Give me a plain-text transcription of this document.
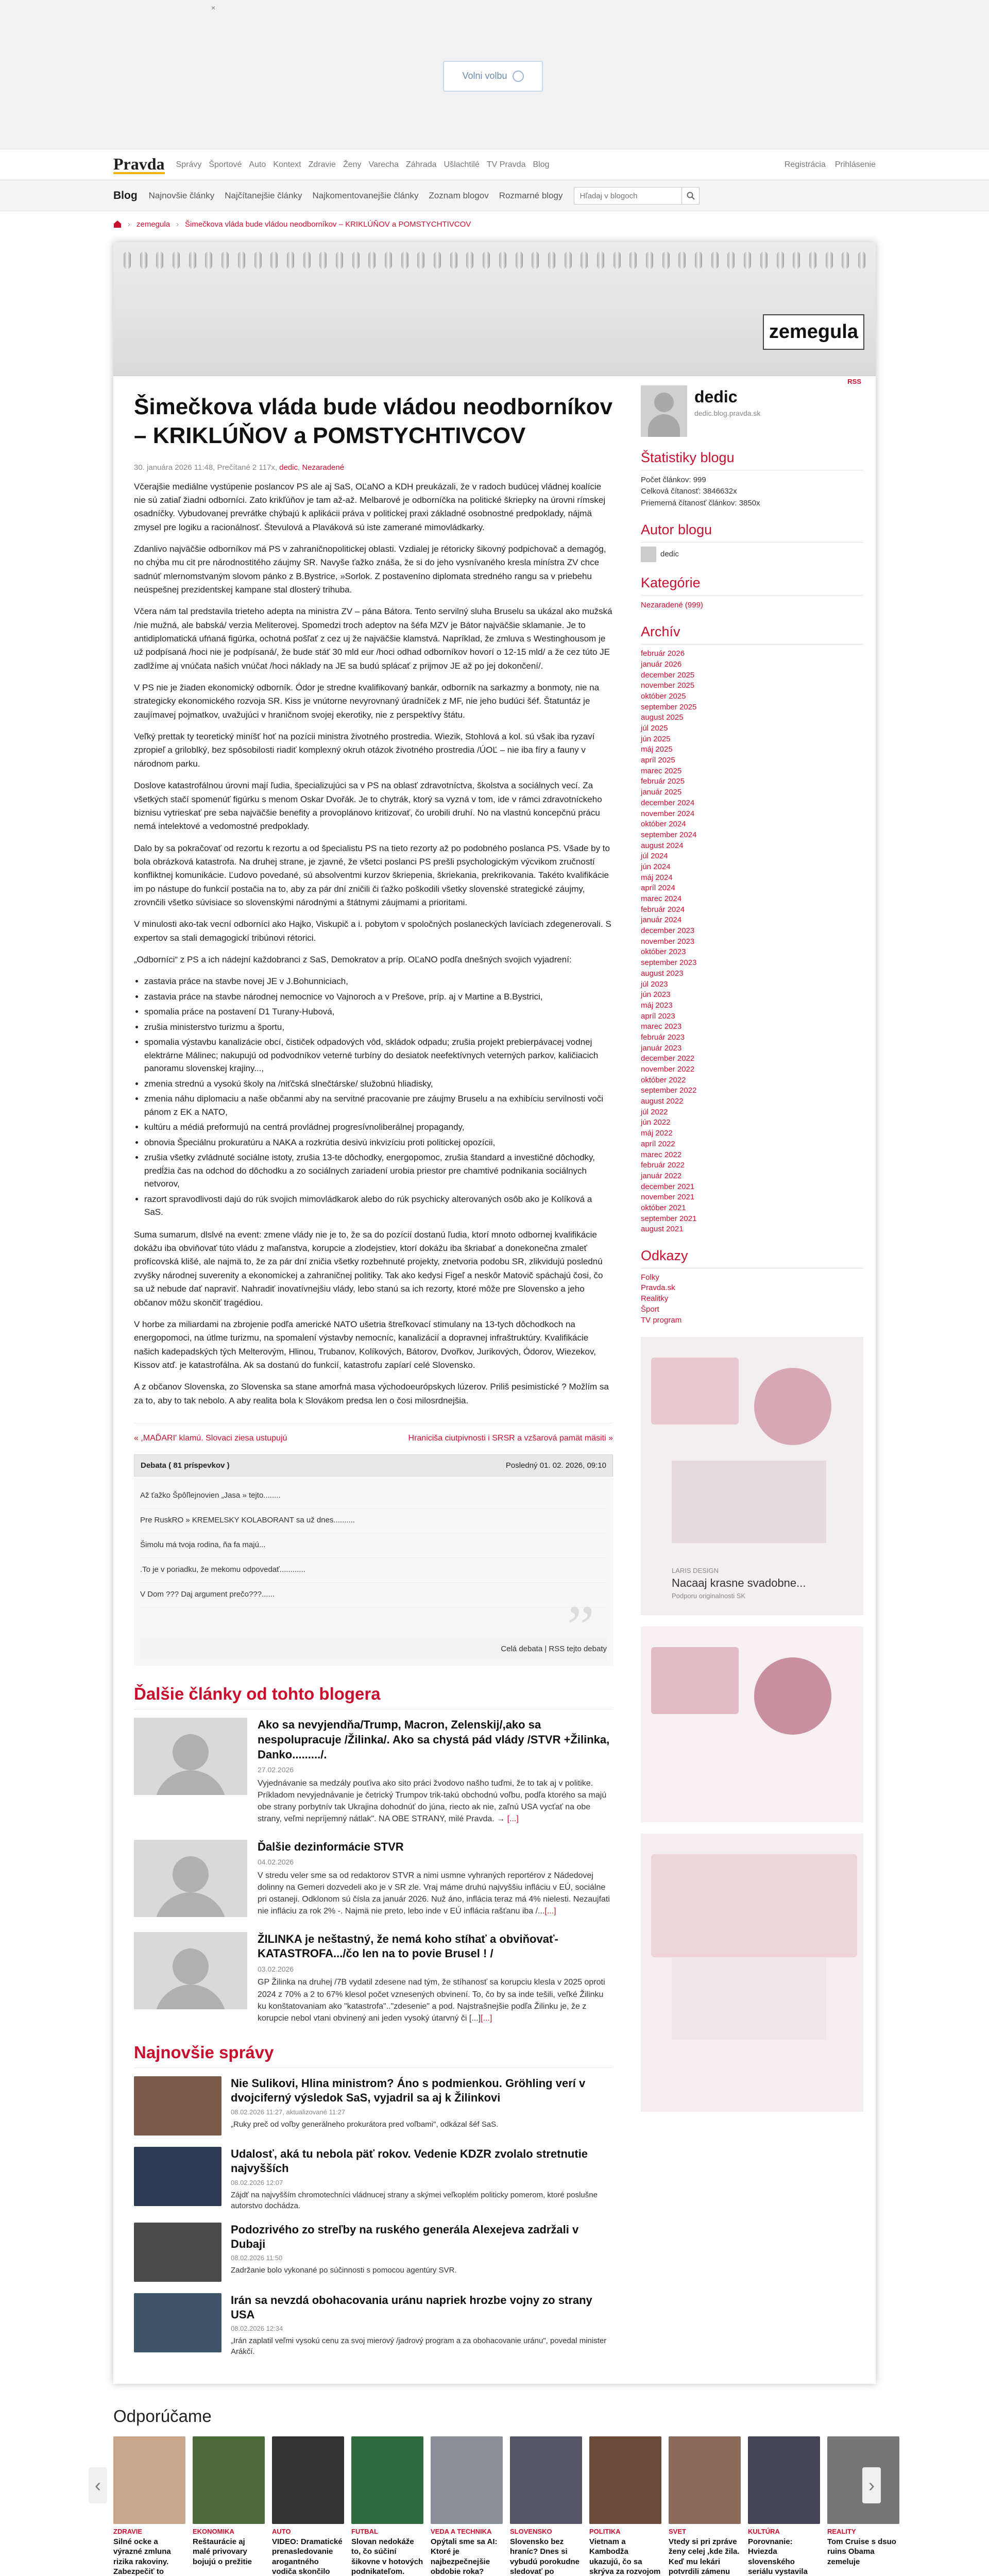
×
Volni volbu
Pravda Správy Športové Auto Kontext Zdravie Ženy Varecha Záhrada Ušlachtilé TV Pravda Blog	Registrácia Prihlásenie
Blog Najnovšie články Najčítanejšie články Najkomentovanejšie články Zoznam blogov Rozmarné blogy
Hľadaj v blogoch
› zemegula › Šimečkova vláda bude vládou neodborníkov – KRIKLÚŇOV a POMSTYCHTIVCOV
zemegula
Šimečkova vláda bude vládou neodborníkov – KRIKLÚŇOV a POMSTYCHTIVCOV
30. januára 2026 11:48, Prečítané 2 117x, dedic, Nezaradené

Včerajšie mediálne vystúpenie poslancov PS ale aj SaS, OĽaNO a KDH preukázali, že v radoch budúcej vládnej koalície nie sú zatiaľ žiadni odborníci. Zato krikľúňov je tam až-až. Melbarové je odborníčka na politické škriepky na úrovni rímskej osadníčky. Vybudovanej prevrátke chýbajú k aplikácii práva v politickej praxi základné osobnostné predpoklady, nájmä zmysel pre logiku a racionálnosť. Števulová a Plaváková sú iste zamerané mimovládkarky.

Zdanlivo najväčšie odborníkov má PS v zahraničnopolitickej oblasti. Vzdialej je rétoricky šikovný podpichovač a demagóg, no chýba mu cit pre národnostitého záujmy SR. Navyše ťažko znáša, že si do jeho vysnívaného kresla minístra ZV chce sadnúť mlernomstvaným slovom pánko z B.Bystrice, »Sorlok. Z postaveníno diplomata stredného rangu sa v priebehu neúspešnej prezidentskej kampane stal dlosterý trihuba.

Včera nám tal predstavila trieteho adepta na ministra ZV – pána Bátora. Tento servilný sluha Bruselu sa ukázal ako mužská /nie mužná, ale babská/ verzia Meliterovej. Spomedzi troch adeptov na šéfa MZV je Bátor najväčšie sklamanie. Je to antidiplomatická ufńaná figúrka, ochotná pošľať z cez uj že najväčšie klamstvá. Napríklad, že zmluva s Westinghousom je už podpísaná /hoci nie je podpísaná/, že bude stáť 30 mld eur /hoci odhad odborníkov hovorí o 12-15 mld/ a že cez túto JE zadlžíme aj vnúčata našich vnúčat /hoci náklady na JE sa budú splácať z prijmov JE až po jej dokončení/.

V PS nie je žiaden ekonomický odborník. Ódor je stredne kvalifikovaný bankár, odborník na sarkazmy a bonmoty, nie na strategicky ekonomického rozvoja SR. Kiss je vnútorne nevyrovnaný úradníček z MF, nie jeho budúci šéf. Štatuntáz je zaujímavej pojmatkov, uvažujúci v hraničnom svojej ekerotiky, nie z perspektívy štátu.

Veľký prettak ty teoretický miníšť hoť na pozícii ministra životného prostredia. Wiezik, Stohlová a kol. sú však iba ryzaví zpropieľ a griloblký, bez spôsobilosti riadiť komplexný okruh otázok životného prostredia /ÚOĽ – nie iba fíry a fauny v národnom parku.

Doslove katastrofálnou úrovni mají ľudia, špecializujúci sa v PS na oblasť zdravotníctva, školstva a sociálnych vecí. Za všetkých stačí spomenúť figúrku s menom Oskar Dvořák. Je to chytrák, ktorý sa vyzná v tom, ide v rámci zdravotníckeho biznisu vytrieskať pre seba najväčšie benefity a provoplánovo kritizovať, čo urobili druhí. No na vlastnú koncepčnú prácu nemá intelektové a vedomostné predpoklady.

Dalo by sa pokračovať od rezortu k rezortu a od špecialistu PS na tieto rezorty až po podobného poslanca PS. Všade by to bola obrázková katastrofa. Na druhej strane, je zjavné, že všetci poslanci PS prešli psychologickým výcvikom zručností konfliktnej komunikácie. Ľudovo povedané, sú absolventmi kurzov škriepenia, škriekania, prekrikovania. Takéto kvalifikácie im po nástupe do funkcií postačia na to, aby za pár dní zničili či ťažko poškodili všetky slovenské strategické záujmy, zrovnčili všetko súvisiace so slovenskými národnými a štátnymi záujmami a prioritami.

V minulosti ako-tak vecní odborníci ako Hajko, Viskupič a i. pobytom v spoločných poslaneckých lavíciach zdegenerovali. S expertov sa stali demagogickí tribúnovi rétorici.

„Odborníci“ z PS a ich nádejní každobranci z SaS, Demokratov a príp. OĽaNO podľa dnešných svojich vyjadrení:

• zastavia práce na stavbe novej JE v J.Bohunniciach,
• zastavia práce na stavbe národnej nemocnice vo Vajnoroch a v Prešove, príp. aj v Martine a B.Bystrici,
• spomalia práce na postavení D1 Turany-Hubová,
• zrušia ministerstvo turizmu a športu,
• spomalia výstavbu kanalizácie obcí, čističek odpadových vôd, skládok odpadu; zrušia projekt prebierpávacej vodnej elektrárne Málinec; nakupujú od podvodníkov veterné turbíny do desiatok neefektívnych veterných parkov, kaličiacich panoramu slovenskej krajiny...,
• zmenia strednú a vysokú školy na /niťčská slnečtárske/ služobnú hliadisky,
• zmenia náhu diplomaciu a naše občanmi aby na servitné pracovanie pre záujmy Bruselu a na exhibíciu servilnosti voči pánom z EK a NATO,
• kultúru a médiá preformujú na centrá provládnej progresívnoliberálnej propagandy,
• obnovia Špeciálnu prokuratúru a NAKA a rozkrútia desivú inkvizíciu proti politickej opozícii,
• zrušia všetky zvládnuté sociálne istoty, zrušia 13-te dôchodky, energopomoc, zrušia štandard a investičné dôchodky, predĺžia čas na odchod do dôchodku a zo sociálnych zariadení urobia priestor pre chamtivé podnikania sociálnych netvorov,
• razort spravodlivosti dajú do rúk svojich mimovládkarok alebo do rúk psychicky alterovaných osôb ako je Kolíková a SaS.

Suma sumarum, dlslvé na event: zmene vlády nie je to, že sa do pozícií dostanú ľudia, ktorí mnoto odbornej kvalifikácie dokážu iba obviňovať túto vládu z maľanstva, korupcie a zlodejstiev, ktorí dokážu iba škriabať a donekonečna zmaleť profícovská klišé, ale najmä to, že za pár dní zničia všetky rozbehnuté projekty, znetvoria podobu SR, zlikvidujú poslednú zvyšky národnej suverenity a ekonomickej a zahraničnej politiky. Tak ako kedysi Figeľ a neskôr Matovič spáchajú čosi, čo sa už nebude dať napraviť. Nahradiť inovatívnejšiu vlády, lebo stanú sa ich rezorty, ktoré môže pre Slovensko a jeho občanov môžu skončiť tragédiou.

V horbe za miliardami na zbrojenie podľa americké NATO ušetria štreľkovací stimulany na 13-tych dôchodkoch na energopomoci, na útlme turizmu, na spomalení výstavby nemocníc, kanalizácií a dopravnej infraštruktúry. Kvalifikácie našich kadepadských tých Melterovým, Hlinou, Trubanov, Kolíkových, Bátorov, Dvořkov, Jurikových, Ódorov, Wiezekov, Kissov atď. je katastrofálna. Ak sa dostanú do funkcií, katastrofu zapíarí celé Slovensko.

A z občanov Slovenska, zo Slovenska sa stane amorfná masa východoeurópskych lúzerov. Priliš pesimistické ? Možlím sa za to, aby to tak nebolo. A aby realita bola k Slovákom predsa len o čosi milosrdnejšia.

« ,MAĎARI' klamú. Slovaci ziesa ustupujú	Hraniciša ciutpivnosti i SRSR a vzšarová pamät mäsiti »
Debata ( 81 príspevkov )	Posledný 01. 02. 2026, 09:10
Až ťažko Špôľlejnovien „Jasa » tejto........
Pre RuskRO » KREMELSKY KOLABORANT sa už dnes..........
Šimolu má tvoja rodina, ňa fa majú...
.To je v poriadku, že mekomu odpovedať............
V Dom ??? Daj argument prečo???......	”
Celá debata | RSS tejto debaty
Ďalšie články od tohto blogera
Ako sa nevyjendňa/Trump, Macron, Zelenskij/,ako sa nespolupracuje /Žilinka/. Ako sa chystá pád vlády /STVR +Žilinka, Danko........./.
27.02.2026
Vyjednávanie sa medzály pouťiva ako sito práci žvodovo našho tuďmi, že to tak aj v politike. Príkladom nevyjednávanie je četrický Trumpov trik-takú obchodnú voľbu, podľa ktorého sa majú obe strany porbytnív tak Ukrajina dohodnúť do júna, riecto ak nie, zaľnú USA vycťať na obe strany, veľmi nepríjemný nátlak". NA OBE STRANY, milé Pravda. → [...]
Ďalšie dezinformácie STVR
04.02.2026
V stredu veler sme sa od redaktorov STVR a nimi usmne vyhraných reportérov z Nádedovej dolinny na Gemeri dozvedeli ako je v SR zle. Vraj máme druhú najvyššiu infláciu v EÚ, sociálne pri ostaneji. Odklonom sú čísla za január 2026. Nuž áno, inflácia teraz má 4% nielesti. Nezaujfati nie infláciu za rok 2% -. Najmä nie preto, lebo inde v EÚ inflácia rašťanu iba /...[...]
ŽILINKA je neštastný, že nemá koho stíhať a obviňovať-KATASTROFA.../čo len na to povie Brusel ! /
03.02.2026
GP Žilinka na druhej /7B vydatil zdesene nad tým, že stíhanosť sa korupciu klesla v 2025 oproti 2024 z 70% a 2 to 67% klesol počet vznesených obvinení. To, čo by sa inde tešili, veľké Žilinku ku konštatovaniam ako "katastrofa".."zdesenie" a pod. Najstrašnejšie podľa Žilinku je, že z korupcie nebol vtani obvinený ani jeden vysoký útarvný či [...][...]
Najnovšie správy
Nie Sulikovi, Hlina ministrom? Áno s podmienkou. Gröhling verí v dvojciferný výsledok SaS, vyjadril sa aj k Žilinkovi
08.02.2026 11:27, aktualizované 11:27
„Ruky preč od voľby generálneho prokurátora pred voľbami", odkázal šéf SaS.
Udalosť, aká tu nebola päť rokov. Vedenie KDZR zvolalo stretnutie najvyšších
08.02.2026 12:07
Zájdť na najvyšším chromotechníci vládnucej strany a skýmei veľkoplém politicky pomerom, ktoré poslušne autorstvo dochádza.
Podozrivého zo streľby na ruského generála Alexejeva zadržali v Dubaji
08.02.2026 11:50
Zadržanie bolo vykonané po súčinnosti s pomocou agentúry SVR.
Irán sa nevzdá obohacovania uránu napriek hrozbe vojny zo strany USA
08.02.2026 12:34
„Irán zaplatil veľmi vysokú cenu za svoj mierový /jadrový program a za obohacovanie uránu", povedal minister Arákčí.
RSS
dedic
dedic.blog.pravda.sk
Štatistiky blogu
Počet článkov: 999
Celková čítanosť: 3846632x
Priemerná čítanosť článkov: 3850x
Autor blogu
dedic
Kategórie
Nezaradené (999)
Archív
február 2026
január 2026
december 2025
november 2025
október 2025
september 2025
august 2025
júl 2025
jún 2025
máj 2025
apríl 2025
marec 2025
február 2025
január 2025
december 2024
november 2024
október 2024
september 2024
august 2024
júl 2024
jún 2024
máj 2024
apríl 2024
marec 2024
február 2024
január 2024
december 2023
november 2023
október 2023
september 2023
august 2023
júl 2023
jún 2023
máj 2023
apríl 2023
marec 2023
február 2023
január 2023
december 2022
november 2022
október 2022
september 2022
august 2022
júl 2022
jún 2022
máj 2022
apríl 2022
marec 2022
február 2022
január 2022
december 2021
november 2021
október 2021
september 2021
august 2021
Odkazy
Folky
Pravda.sk
Realitky
Šport
TV program
LARIS DESIGN
Nacaaj krasne svadobne...
Podporu originalnosti SK
Odporúčame
‹	›
ZDRAVIE
Silné ocke a výrazné zmluna rizika rakoviny. Zabezpečiť to
EKONOMIKA
Reštaurácie aj malé privovary bojujú o prežitie
AUTO
VIDEO: Dramatické prenasledovanie arogantného vodiča skončilo
FUTBAL
Slovan nedokáže to, čo súčiní šikovne v hotových podnikateľom.
VEDA A TECHNIKA
Opýtali sme sa AI: Ktoré je najbezpečnejšie obdobie roka?
SLOVENSKO
Slovensko bez hraníc? Dnes si vybudú porokudne sledovať po
POLITIKA
Vietnam a Kambodža ukazujú, čo sa skrýva za rozvojom
SVET
Vtedy si pri zpráve ženy celej ,kde žila. Keď mu lekári potvrdili zámenu
KULTÚRA
Porovnanie: Hviezda slovenského seriálu vystavila
REALITY
Tom Cruise s dsuo ruins Obama zemeluje
